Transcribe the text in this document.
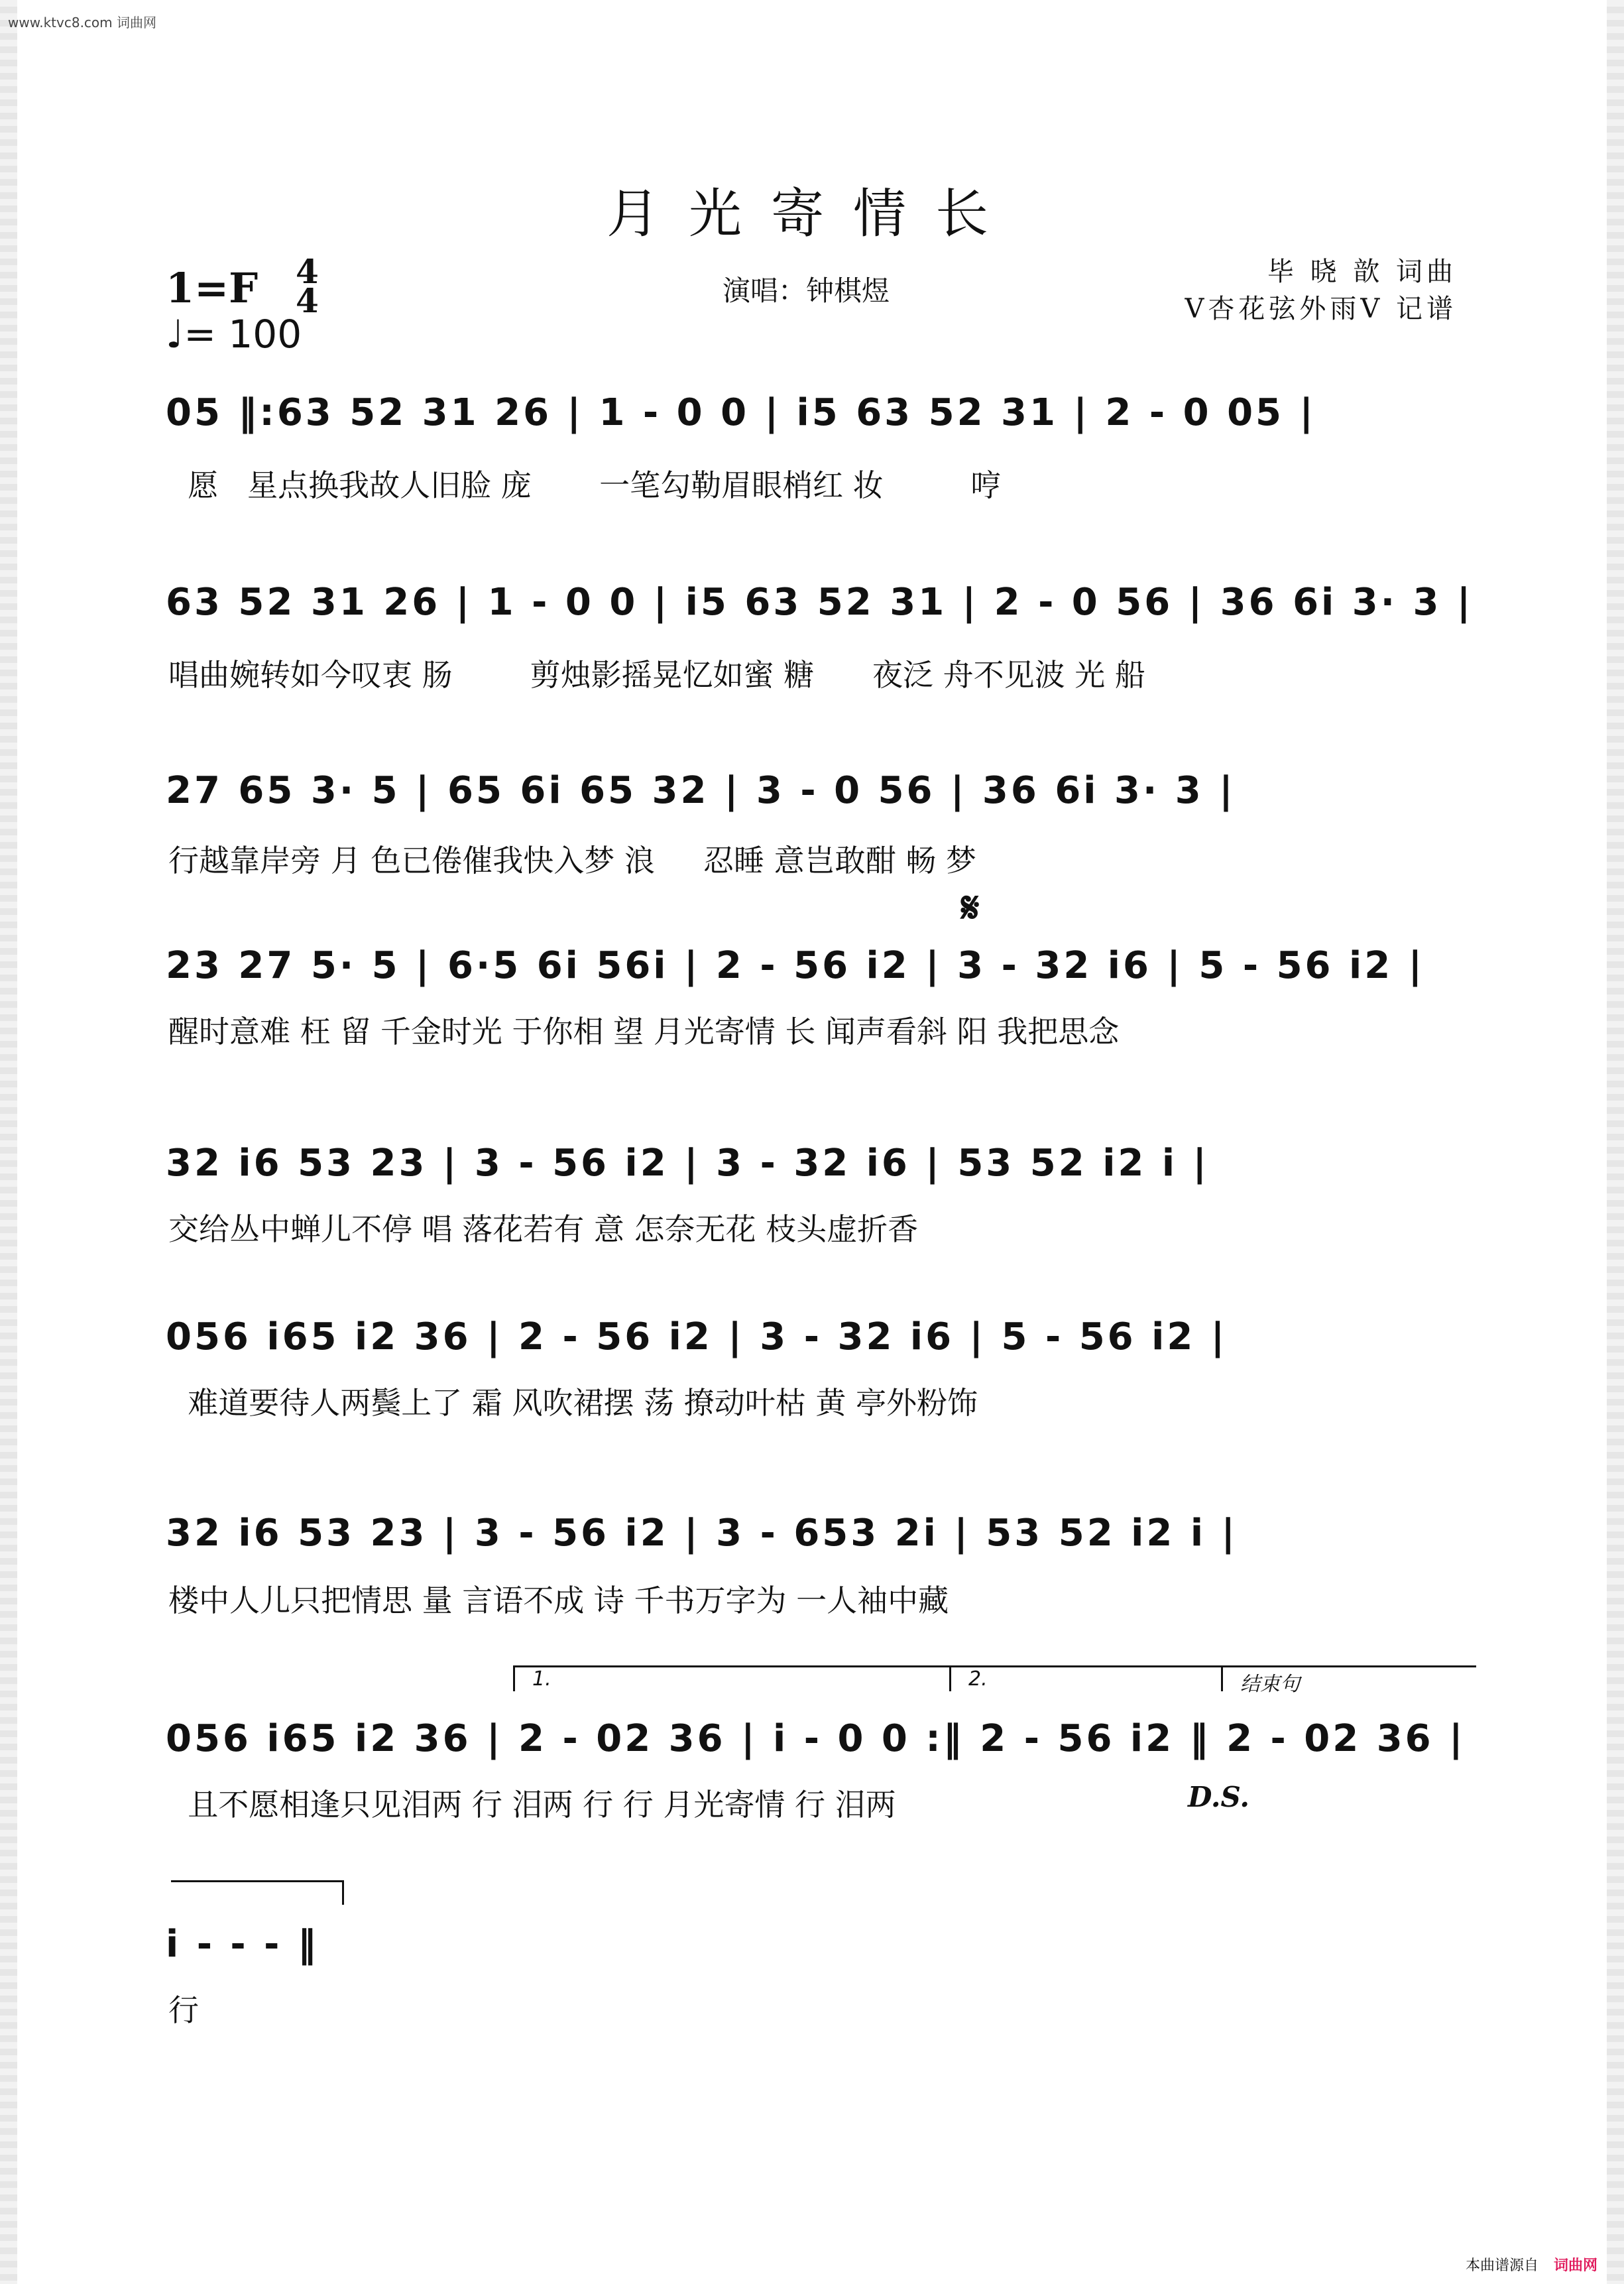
www.ktvc8.com 词曲网
月光寄情长
1=F 4
4
♩= 100
演唱：钟棋煜
毕 晓 歆 词曲
V杏花弦外雨V 记谱
05 ‖:63 52 31 26 | 1 - 0 0 | i5 63 52 31 | 2 - 0 05 |
愿   星点换我故人旧脸 庞       一笔勾勒眉眼梢红 妆         哼
63 52 31 26 | 1 - 0 0 | i5 63 52 31 | 2 - 0 56 | 36 6i 3· 3 |
唱曲婉转如今叹衷 肠        剪烛影摇晃忆如蜜 糖      夜泛 舟不见波 光 船
27 65 3· 5 | 65 6i 65 32 | 3 - 0 56 | 36 6i 3· 3 |
行越靠岸旁 月 色已倦催我快入梦 浪     忍睡 意岂敢酣 畅 梦
𝄋
23 27 5· 5 | 6·5 6i 56i | 2 - 56 i2 | 3 - 32 i6 | 5 - 56 i2 |
醒时意难 枉 留 千金时光 于你相 望 月光寄情 长 闻声看斜 阳 我把思念
32 i6 53 23 | 3 - 56 i2 | 3 - 32 i6 | 53 52 i2 i |
交给丛中蝉儿不停 唱 落花若有 意 怎奈无花 枝头虚折香
056 i65 i2 36 | 2 - 56 i2 | 3 - 32 i6 | 5 - 56 i2 |
难道要待人两鬓上了 霜 风吹裙摆 荡 撩动叶枯 黄 亭外粉饰
32 i6 53 23 | 3 - 56 i2 | 3 - 653 2i | 53 52 i2 i |
楼中人儿只把情思 量 言语不成 诗 千书万字为 一人袖中藏
1.	2.	结束句
056 i65 i2 36 | 2 - 02 36 | i - 0 0 :‖ 2 - 56 i2 ‖ 2 - 02 36 |
且不愿相逢只见泪两 行 泪两 行 行 月光寄情 行 泪两	D.S.
i - - - ‖
行
本曲谱源自 词曲网
